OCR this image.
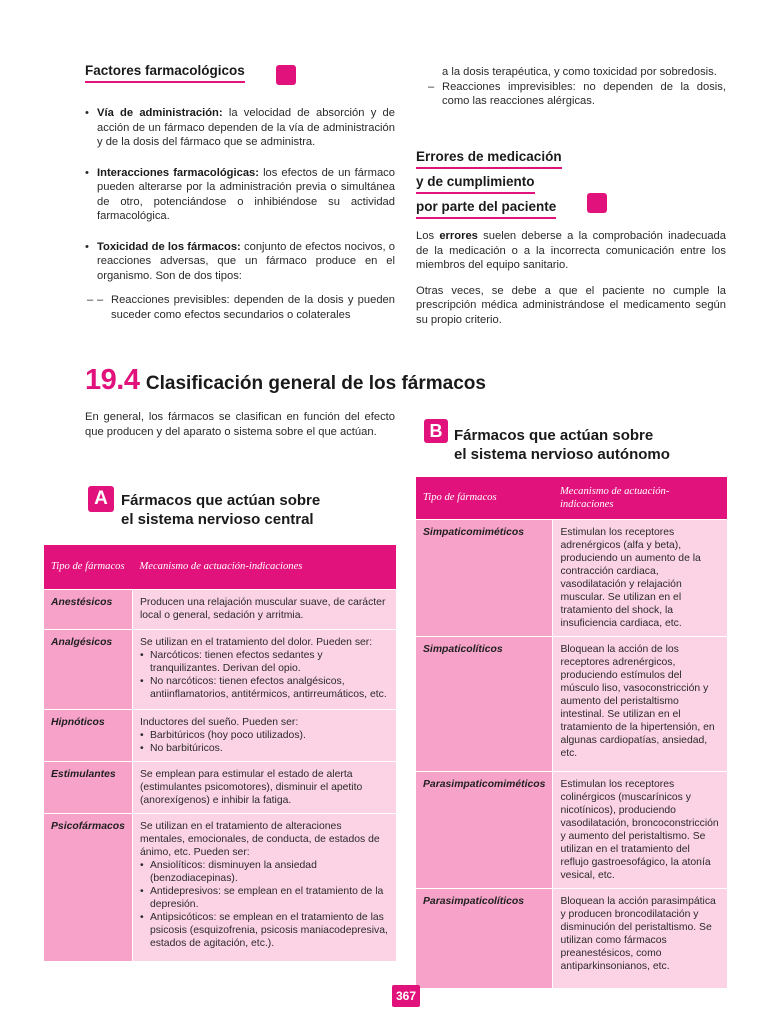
Factores farmacológicos

• Vía de administración: la velocidad de absorción y de acción de un fármaco dependen de la vía de administración y de la dosis del fármaco que se administra.

• Interacciones farmacológicas: los efectos de un fármaco pueden alterarse por la administración previa o simultánea de otro, potenciándose o inhibiéndose su actividad farmacológica.

• Toxicidad de los fármacos: conjunto de efectos nocivos, o reacciones adversas, que un fármaco produce en el organismo. Son de dos tipos:

– – Reacciones previsibles: dependen de la dosis y pueden suceder como efectos secundarios o colaterales

a la dosis terapéutica, y como toxicidad por sobredosis.

– Reacciones imprevisibles: no dependen de la dosis, como las reacciones alérgicas.

Errores de medicación
y de cumplimiento
por parte del paciente

Los errores suelen deberse a la comprobación inadecuada de la medicación o a la incorrecta comunicación entre los miembros del equipo sanitario.

Otras veces, se debe a que el paciente no cumple la prescripción médica administrándose el medicamento según su propio criterio.

19.4 Clasificación general de los fármacos

En general, los fármacos se clasifican en función del efecto que producen y del aparato o sistema sobre el que actúan.

A Fármacos que actúan sobre
el sistema nervioso central
Tipo de fármacos	Mecanismo de actuación-indicaciones
Anestésicos	Producen una relajación muscular suave, de carácter local o general, sedación y arritmia.
Analgésicos	Se utilizan en el tratamiento del dolor. Pueden ser:
• Narcóticos: tienen efectos sedantes y tranquilizantes. Derivan del opio.
• No narcóticos: tienen efectos analgésicos, antiinflamatorios, antitérmicos, antirreumáticos, etc.

Hipnóticos	Inductores del sueño. Pueden ser:
• Barbitúricos (hoy poco utilizados).
• No barbitúricos.

Estimulantes	Se emplean para estimular el estado de alerta (estimulantes psicomotores), disminuir el apetito (anorexígenos) e inhibir la fatiga.
Psicofármacos	Se utilizan en el tratamiento de alteraciones mentales, emocionales, de conducta, de estados de ánimo, etc. Pueden ser:
• Ansiolíticos: disminuyen la ansiedad (benzodiacepinas).
• Antidepresivos: se emplean en el tratamiento de la depresión.
• Antipsicóticos: se emplean en el tratamiento de las psicosis (esquizofrenia, psicosis maniacodepresiva, estados de agitación, etc.).
B Fármacos que actúan sobre
el sistema nervioso autónomo
Tipo de fármacos	Mecanismo de actuación-indicaciones
Simpaticomiméticos	Estimulan los receptores adrenérgicos (alfa y beta), produciendo un aumento de la contracción cardiaca, vasodilatación y relajación muscular. Se utilizan en el tratamiento del shock, la insuficiencia cardiaca, etc.
Simpaticolíticos	Bloquean la acción de los receptores adrenérgicos, produciendo estímulos del músculo liso, vasoconstricción y aumento del peristaltismo intestinal. Se utilizan en el tratamiento de la hipertensión, en algunas cardiopatías, ansiedad, etc.
Parasimpaticomiméticos	Estimulan los receptores colinérgicos (muscarínicos y nicotínicos), produciendo vasodilatación, broncoconstricción y aumento del peristaltismo. Se utilizan en el tratamiento del reflujo gastroesofágico, la atonía vesical, etc.
Parasimpaticolíticos	Bloquean la acción parasimpática y producen broncodilatación y disminución del peristaltismo. Se utilizan como fármacos preanestésicos, como antiparkinsonianos, etc.
367
